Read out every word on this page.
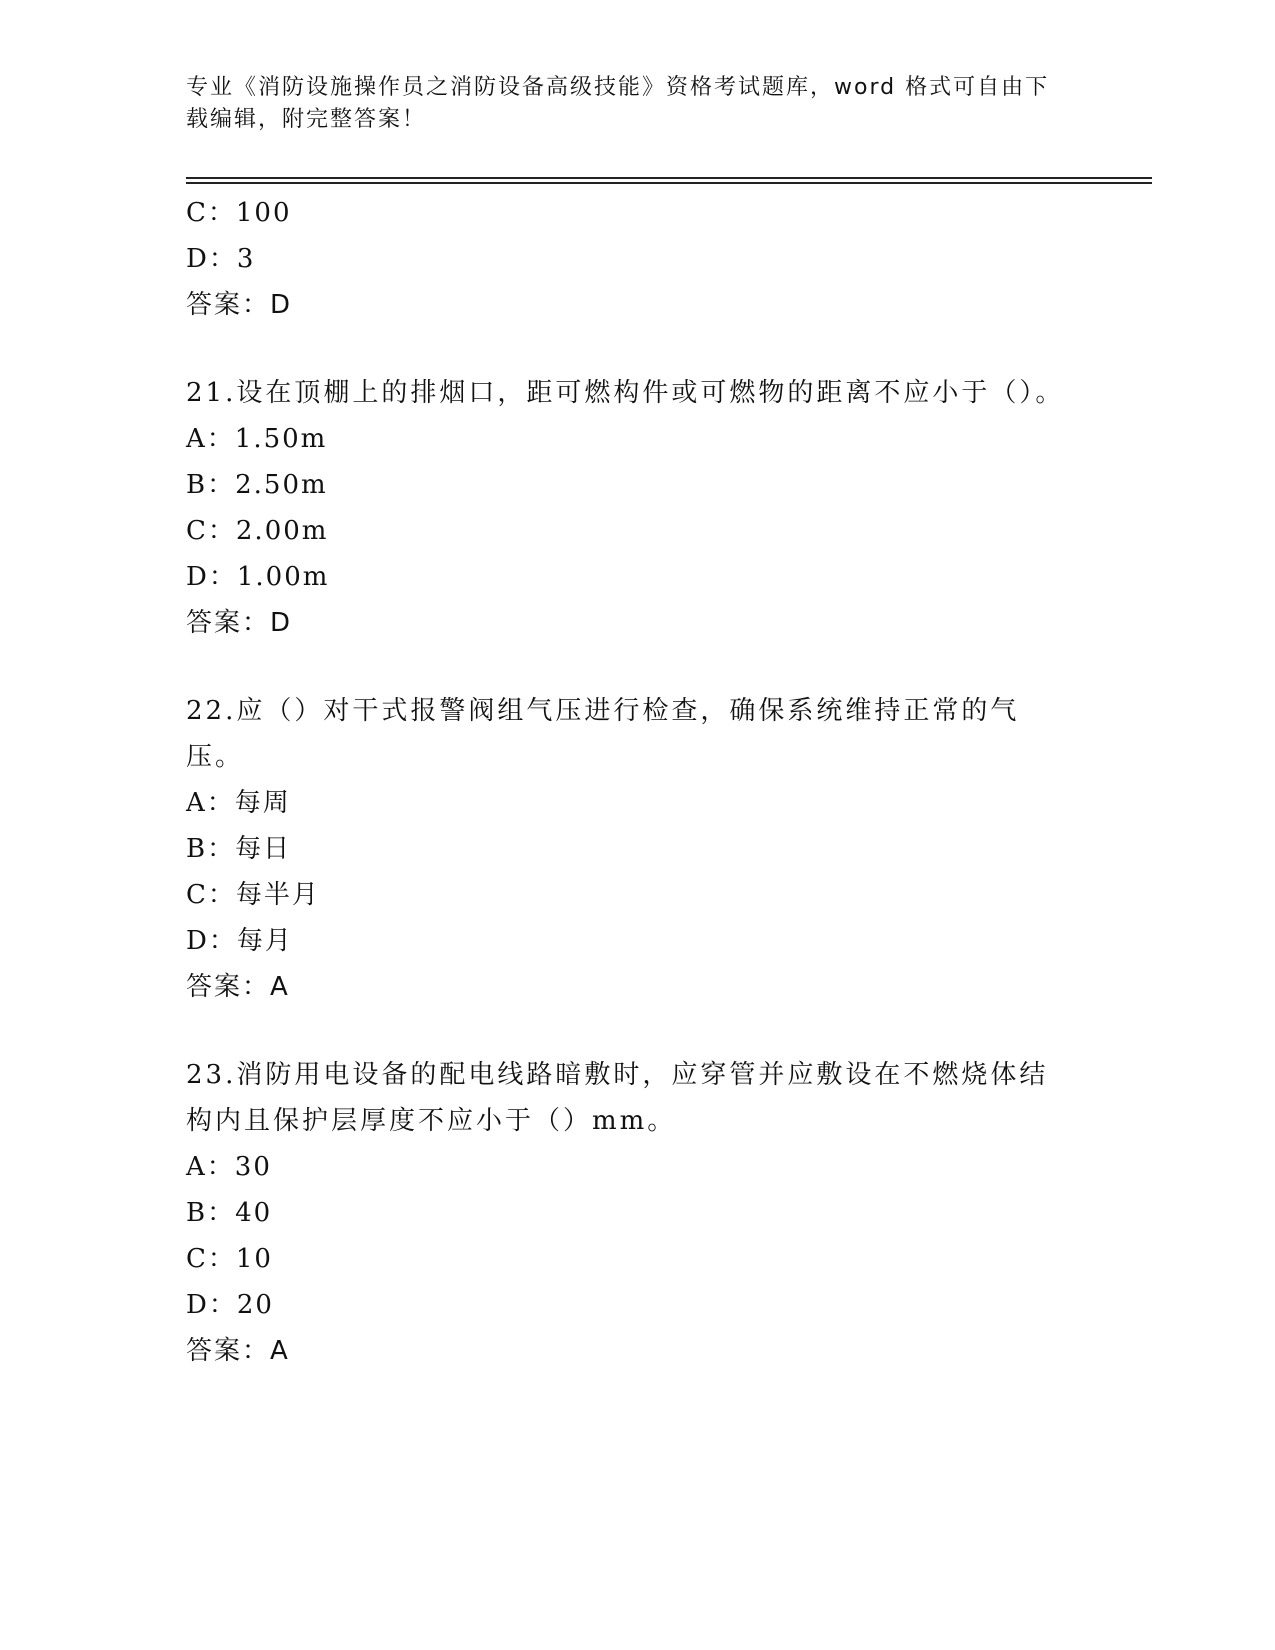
专业《消防设施操作员之消防设备高级技能》资格考试题库，word 格式可自由下载编辑，附完整答案！
C：100
D：3
答案：D
21.设在顶棚上的排烟口，距可燃构件或可燃物的距离不应小于（）。
A：1.50m
B：2.50m
C：2.00m
D：1.00m
答案：D
22.应（）对干式报警阀组气压进行检查，确保系统维持正常的气压。
A：每周
B：每日
C：每半月
D：每月
答案：A
23.消防用电设备的配电线路暗敷时，应穿管并应敷设在不燃烧体结构内且保护层厚度不应小于（）mm。
A：30
B：40
C：10
D：20
答案：A
